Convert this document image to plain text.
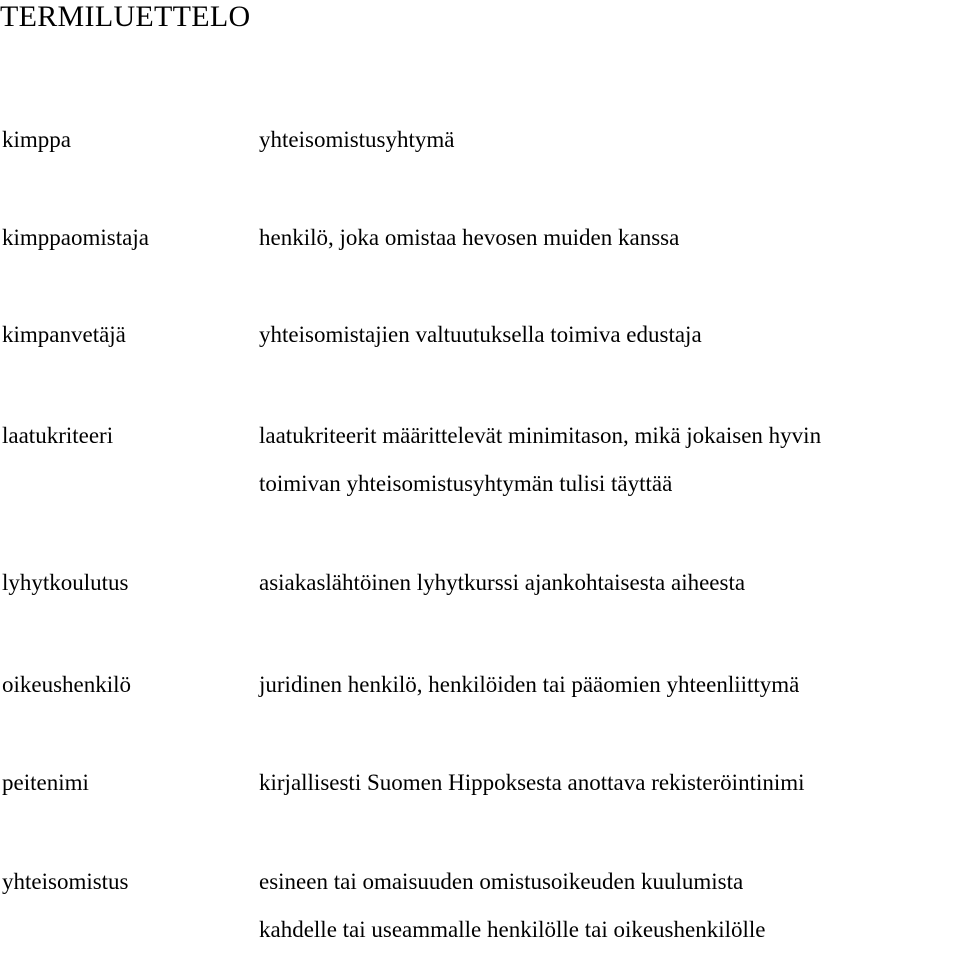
TERMILUETTELO
kimppa	yhteisomistusyhtymä
kimppaomistaja	henkilö, joka omistaa hevosen muiden kanssa
kimpanvetäjä	yhteisomistajien valtuutuksella toimiva edustaja
laatukriteeri	laatukriteerit määrittelevät minimitason, mikä jokaisen hyvin
toimivan yhteisomistusyhtymän tulisi täyttää
lyhytkoulutus	asiakaslähtöinen lyhytkurssi ajankohtaisesta aiheesta
oikeushenkilö	juridinen henkilö, henkilöiden tai pääomien yhteenliittymä
peitenimi	kirjallisesti Suomen Hippoksesta anottava rekisteröintinimi
yhteisomistus	esineen tai omaisuuden omistusoikeuden kuulumista
kahdelle tai useammalle henkilölle tai oikeushenkilölle
